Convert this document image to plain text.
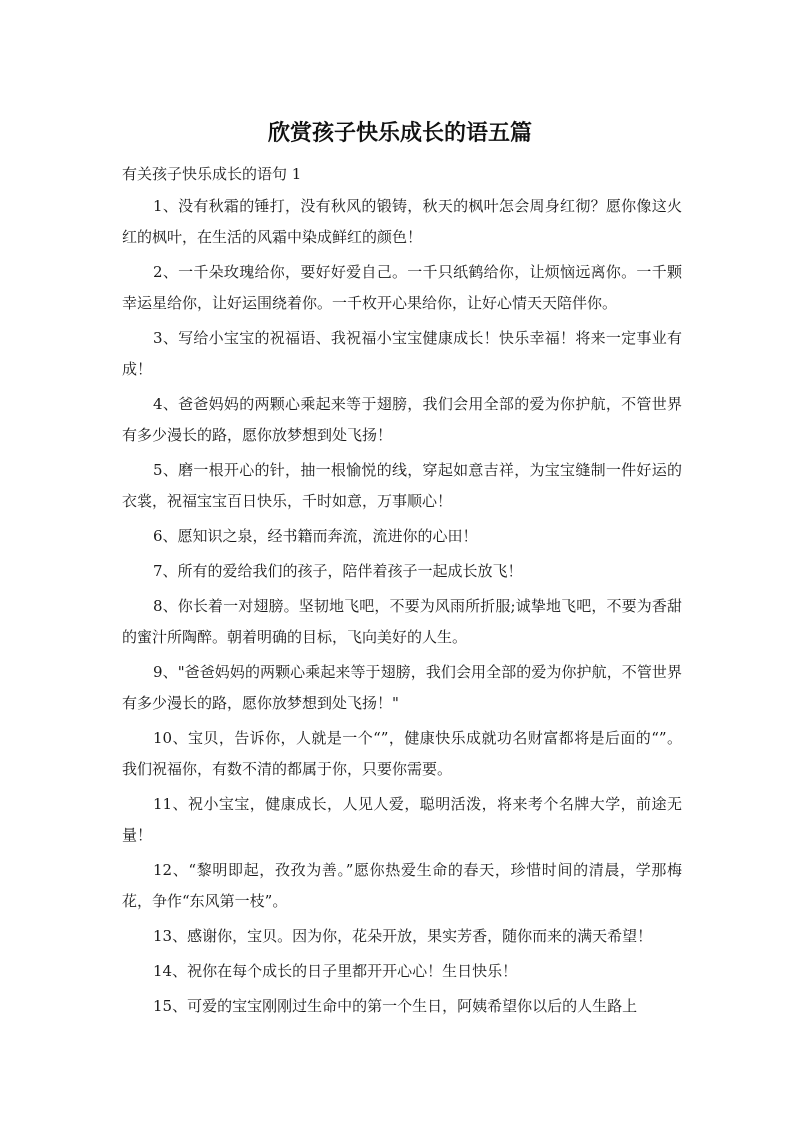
欣赏孩子快乐成长的语五篇
有关孩子快乐成长的语句 1

1、没有秋霜的锤打，没有秋风的锻铸，秋天的枫叶怎会周身红彻？愿你像这火红的枫叶，在生活的风霜中染成鲜红的颜色！

2、一千朵玫瑰给你，要好好爱自己。一千只纸鹤给你，让烦恼远离你。一千颗幸运星给你，让好运围绕着你。一千枚开心果给你，让好心情天天陪伴你。

3、写给小宝宝的祝福语、我祝福小宝宝健康成长！快乐幸福！将来一定事业有成！

4、爸爸妈妈的两颗心乘起来等于翅膀，我们会用全部的爱为你护航，不管世界有多少漫长的路，愿你放梦想到处飞扬！

5、磨一根开心的针，抽一根愉悦的线，穿起如意吉祥，为宝宝缝制一件好运的衣裳，祝福宝宝百日快乐，千时如意，万事顺心！

6、愿知识之泉，经书籍而奔流，流进你的心田！

7、所有的爱给我们的孩子，陪伴着孩子一起成长放飞！

8、你长着一对翅膀。坚韧地飞吧，不要为风雨所折服;诚挚地飞吧，不要为香甜的蜜汁所陶醉。朝着明确的目标，飞向美好的人生。

9、"爸爸妈妈的两颗心乘起来等于翅膀，我们会用全部的爱为你护航，不管世界有多少漫长的路，愿你放梦想到处飞扬！"

10、宝贝，告诉你，人就是一个“”，健康快乐成就功名财富都将是后面的“”。我们祝福你，有数不清的都属于你，只要你需要。

11、祝小宝宝，健康成长，人见人爱，聪明活泼，将来考个名牌大学，前途无量！

12、“黎明即起，孜孜为善。”愿你热爱生命的春天，珍惜时间的清晨，学那梅花，争作“东风第一枝”。

13、感谢你，宝贝。因为你，花朵开放，果实芳香，随你而来的满天希望！

14、祝你在每个成长的日子里都开开心心！生日快乐！

15、可爱的宝宝刚刚过生命中的第一个生日，阿姨希望你以后的人生路上
